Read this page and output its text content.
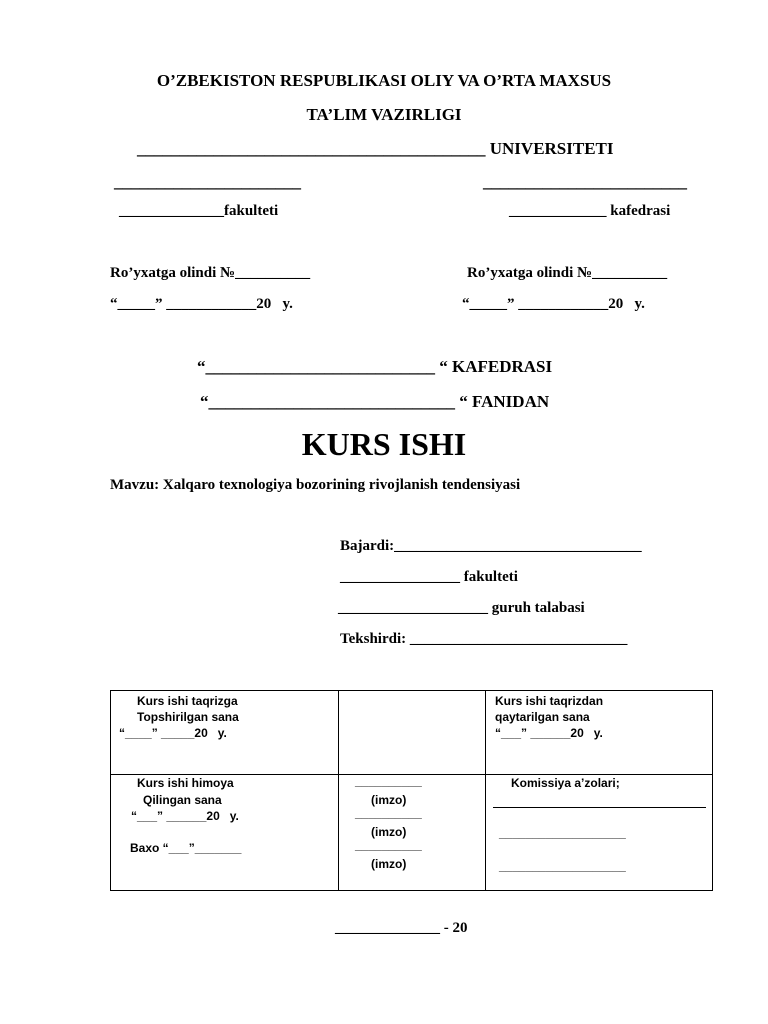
O’ZBEKISTON RESPUBLIKASI OLIY VA O’RTA MAXSUS
TA’LIM VAZIRLIGI
_________________________________________ UNIVERSITETI
______________________	________________________
______________fakulteti	_____________ kafedrasi
Ro’yxatga olindi №__________
“_____” ____________20   y.
Ro’yxatga olindi №__________
“_____” ____________20   y.
“___________________________ “ KAFEDRASI
“_____________________________ “ FANIDAN
KURS ISHI
Mavzu: Xalqaro texnologiya bozorining rivojlanish tendensiyasi
Bajardi:_________________________________
________________ fakulteti
____________________ guruh talabasi
Tekshirdi: _____________________________
Kurs ishi taqrizga
Topshirilgan sana
“____” _____20   y.
Kurs ishi taqrizdan
qaytarilgan sana
“___” ______20   y.
Kurs ishi himoya
Qilingan sana
“___” ______20   y.
Baxo “___”_______
__________
(imzo)
__________
(imzo)
__________
(imzo)
Komissiya a’zolari;
___________________
___________________
______________ - 20
